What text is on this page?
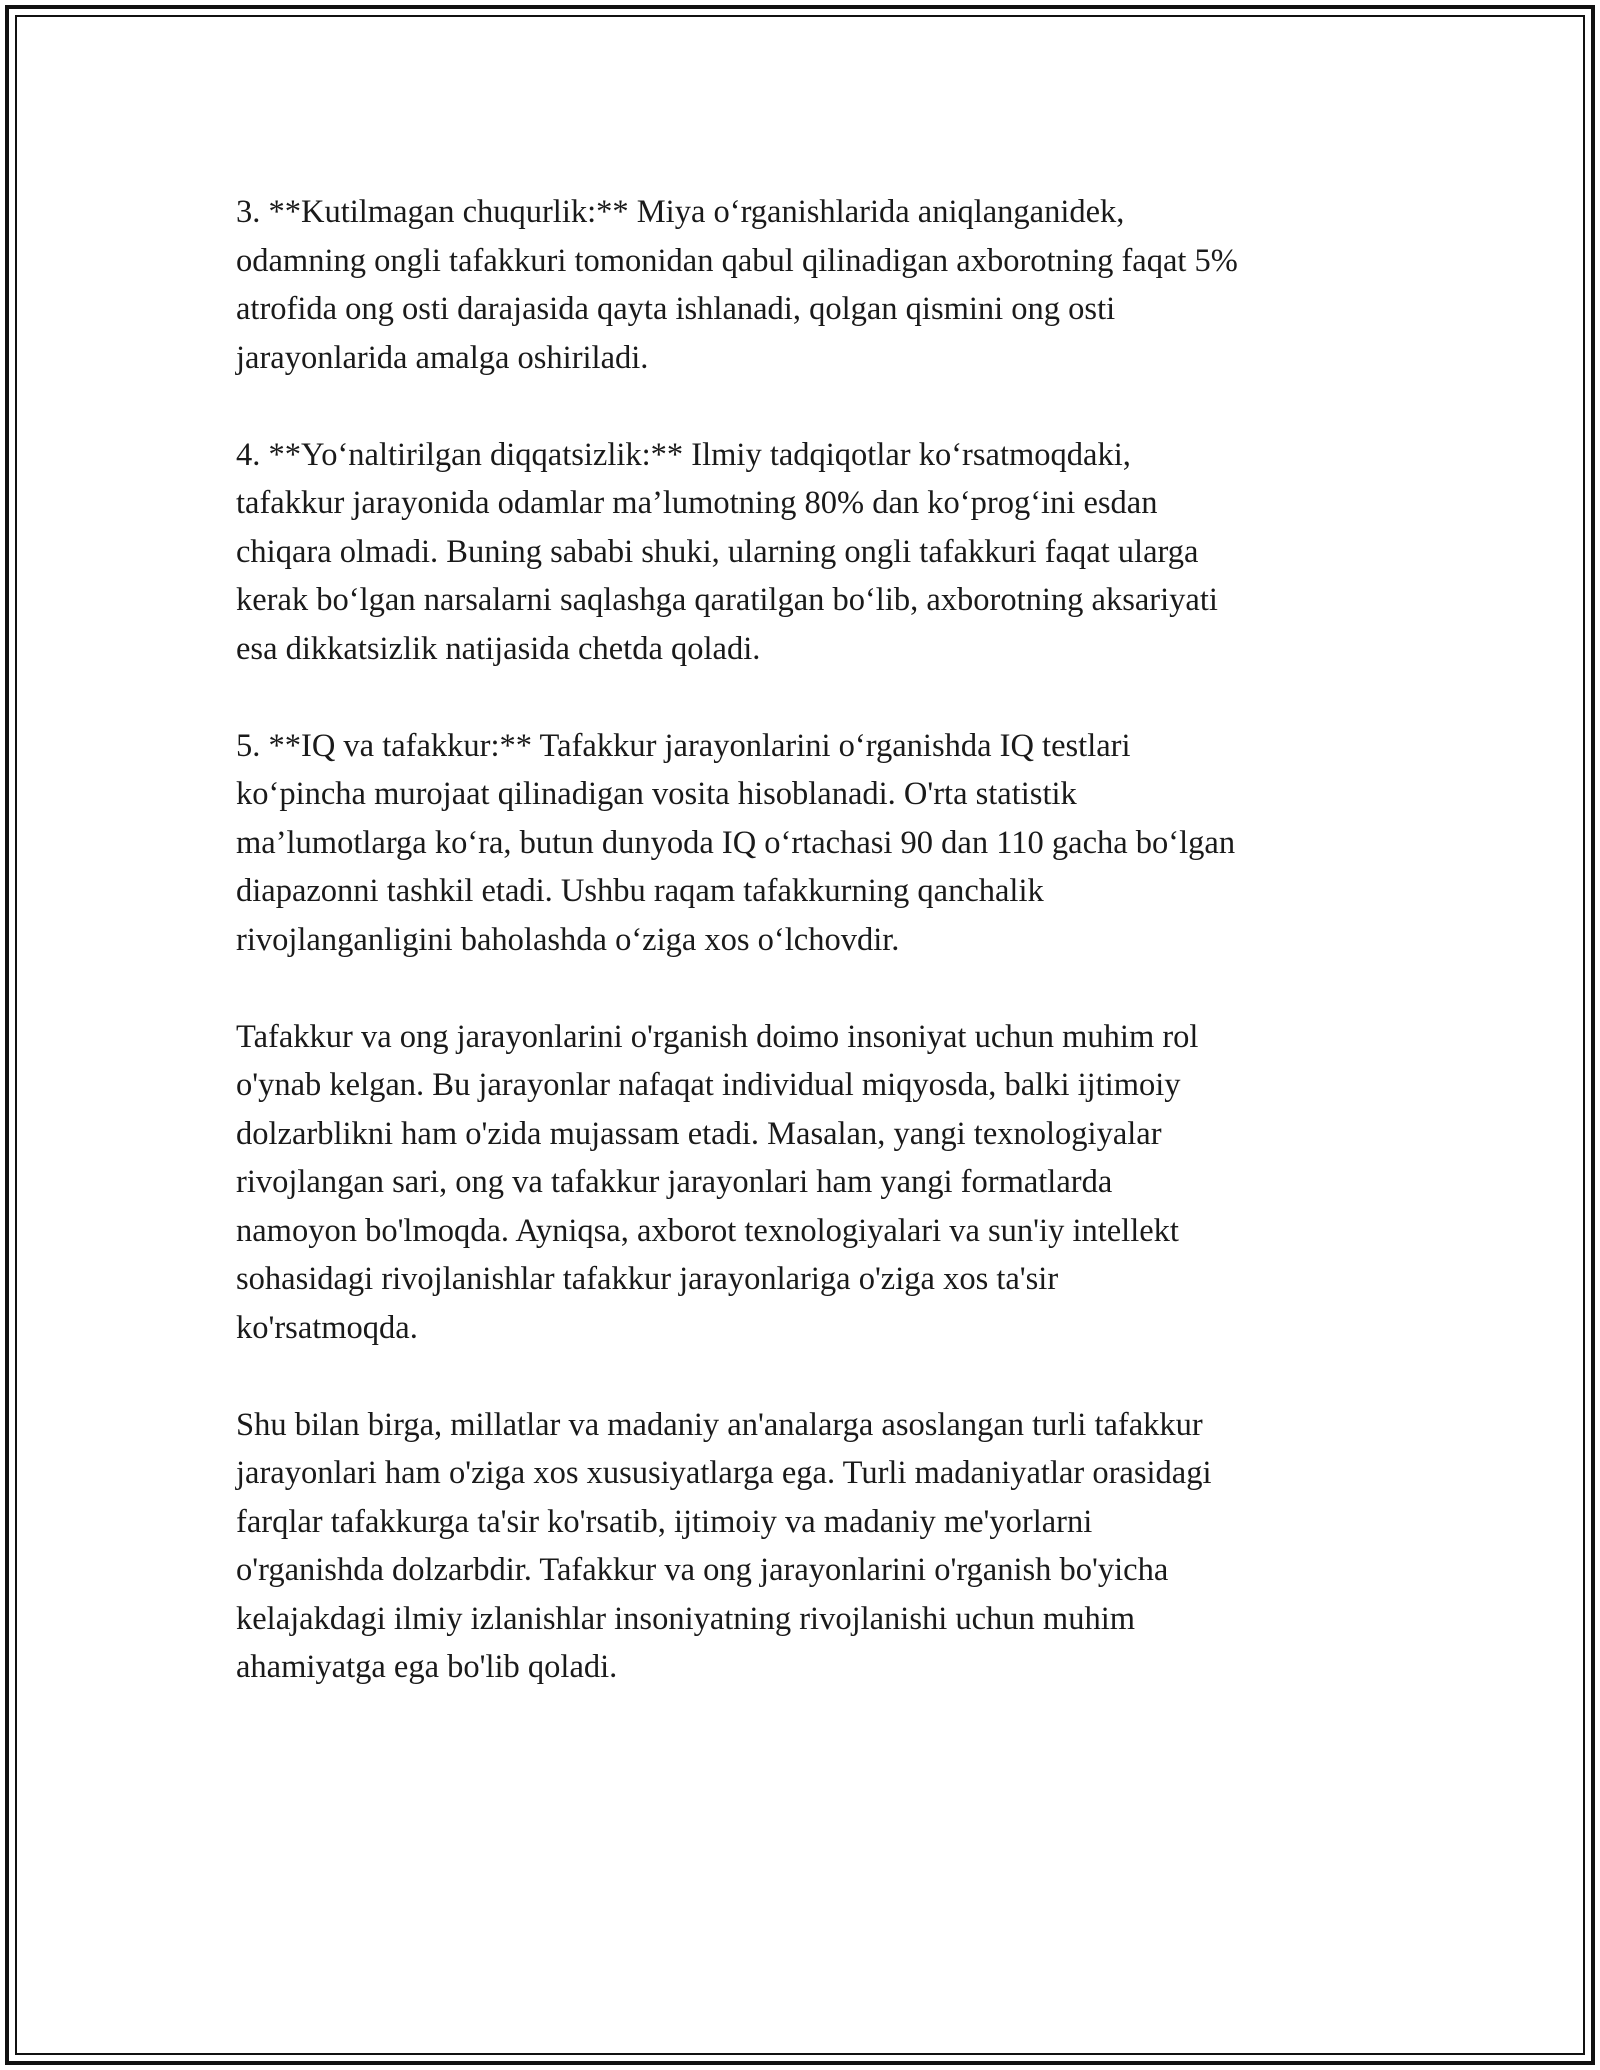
3. **Kutilmagan chuqurlik:** Miya o‘rganishlarida aniqlanganidek,
odamning ongli tafakkuri tomonidan qabul qilinadigan axborotning faqat 5%
atrofida ong osti darajasida qayta ishlanadi, qolgan qismini ong osti
jarayonlarida amalga oshiriladi.

4. **Yo‘naltirilgan diqqatsizlik:** Ilmiy tadqiqotlar ko‘rsatmoqdaki,
tafakkur jarayonida odamlar ma’lumotning 80% dan ko‘prog‘ini esdan
chiqara olmadi. Buning sababi shuki, ularning ongli tafakkuri faqat ularga
kerak bo‘lgan narsalarni saqlashga qaratilgan bo‘lib, axborotning aksariyati
esa dikkatsizlik natijasida chetda qoladi.

5. **IQ va tafakkur:** Tafakkur jarayonlarini o‘rganishda IQ testlari
ko‘pincha murojaat qilinadigan vosita hisoblanadi. O'rta statistik
ma’lumotlarga ko‘ra, butun dunyoda IQ o‘rtachasi 90 dan 110 gacha bo‘lgan
diapazonni tashkil etadi. Ushbu raqam tafakkurning qanchalik
rivojlanganligini baholashda o‘ziga xos o‘lchovdir.

Tafakkur va ong jarayonlarini o'rganish doimo insoniyat uchun muhim rol
o'ynab kelgan. Bu jarayonlar nafaqat individual miqyosda, balki ijtimoiy
dolzarblikni ham o'zida mujassam etadi. Masalan, yangi texnologiyalar
rivojlangan sari, ong va tafakkur jarayonlari ham yangi formatlarda
namoyon bo'lmoqda. Ayniqsa, axborot texnologiyalari va sun'iy intellekt
sohasidagi rivojlanishlar tafakkur jarayonlariga o'ziga xos ta'sir
ko'rsatmoqda.

Shu bilan birga, millatlar va madaniy an'analarga asoslangan turli tafakkur
jarayonlari ham o'ziga xos xususiyatlarga ega. Turli madaniyatlar orasidagi
farqlar tafakkurga ta'sir ko'rsatib, ijtimoiy va madaniy me'yorlarni
o'rganishda dolzarbdir. Tafakkur va ong jarayonlarini o'rganish bo'yicha
kelajakdagi ilmiy izlanishlar insoniyatning rivojlanishi uchun muhim
ahamiyatga ega bo'lib qoladi.
